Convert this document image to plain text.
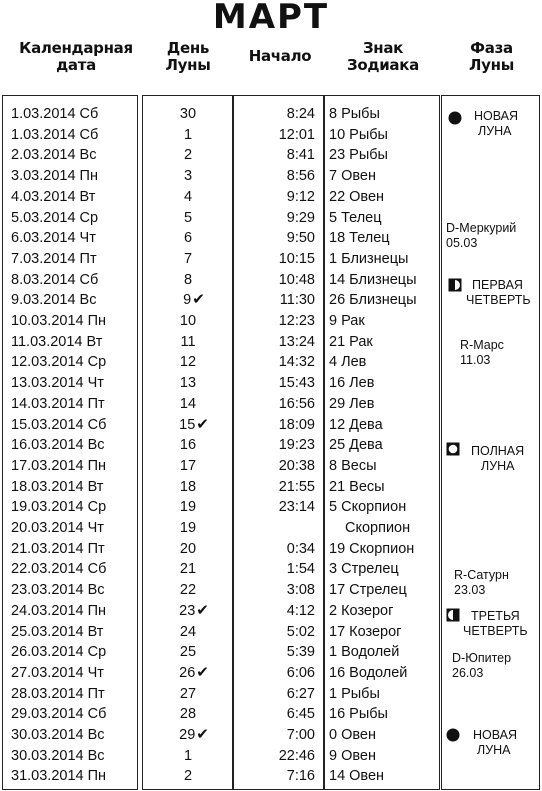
МАРТ
Календарная
дата
День
Луны	Начало	Знак
Зодиака
Фаза
Луны
1.03.2014 Сб
1.03.2014 Сб
2.03.2014 Вс
3.03.2014 Пн
4.03.2014 Вт
5.03.2014 Ср
6.03.2014 Чт
7.03.2014 Пт
8.03.2014 Сб
9.03.2014 Вс
10.03.2014 Пн
11.03.2014 Вт
12.03.2014 Ср
13.03.2014 Чт
14.03.2014 Пт
15.03.2014 Сб
16.03.2014 Вс
17.03.2014 Пн
18.03.2014 Вт
19.03.2014 Ср
20.03.2014 Чт
21.03.2014 Пт
22.03.2014 Сб
23.03.2014 Вс
24.03.2014 Пн
25.03.2014 Вт
26.03.2014 Ср
27.03.2014 Чт
28.03.2014 Пт
29.03.2014 Сб
30.03.2014 Вс
30.03.2014 Вс
31.03.2014 Пн
30
1
2
3
4
5
6
7
8
9✔
10
11
12
13
14
15✔
16
17
18
19
19
20
21
22
23✔
24
25
26✔
27
28
29✔
1
2
8:24
12:01
8:41
8:56
9:12
9:29
9:50
10:15
10:48
11:30
12:23
13:24
14:32
15:43
16:56
18:09
19:23
20:38
21:55
23:14
0:34
1:54
3:08
4:12
5:02
5:39
6:06
6:27
6:45
7:00
22:46
7:16
8 Рыбы
10 Рыбы
23 Рыбы
7 Овен
22 Овен
5 Телец
18 Телец
1 Близнецы
14 Близнецы
26 Близнецы
9 Рак
21 Рак
4 Лев
16 Лев
29 Лев
12 Дева
25 Дева
8 Весы
21 Весы
5 Скорпион
Скорпион
19 Скорпион
3 Стрелец
17 Стрелец
2 Козерог
17 Козерог
1 Водолей
16 Водолей
1 Рыбы
16 Рыбы
0 Овен
9 Овен
14 Овен
НОВАЯ
ЛУНА
D-Меркурий
05.03
ПЕРВАЯ
ЧЕТВЕРТЬ
R-Марс
11.03
ПОЛНАЯ
ЛУНА
R-Сатурн
23.03
ТРЕТЬЯ
ЧЕТВЕРТЬ
D-Юпитер
26.03
НОВАЯ
ЛУНА
